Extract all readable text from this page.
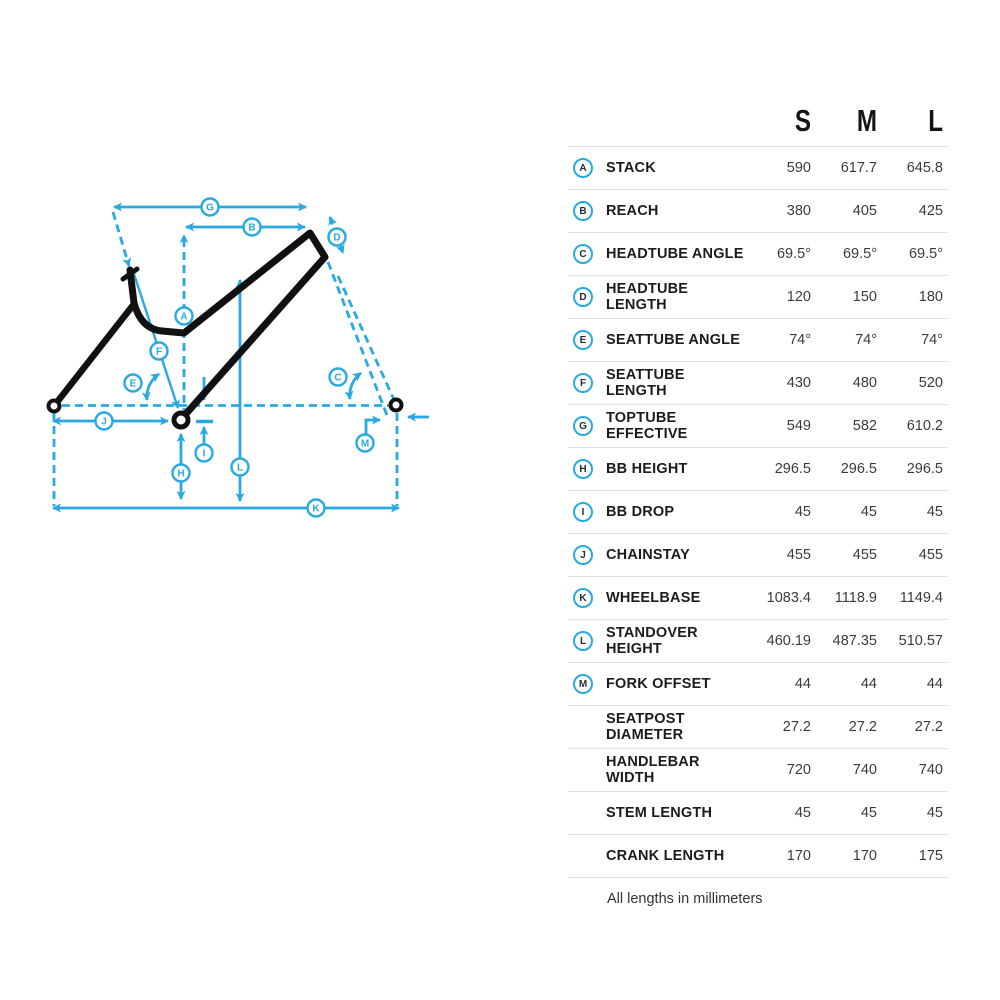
A
B
C
D
E
F
G
H
I
J
K
L
M
S	M	L
A	STACK	590	617.7	645.8
B	REACH	380	405	425
C	HEADTUBE ANGLE	69.5°	69.5°	69.5°
D	HEADTUBE LENGTH	120	150	180
E	SEATTUBE ANGLE	74°	74°	74°
F	SEATTUBE LENGTH	430	480	520
G	TOPTUBE EFFECTIVE	549	582	610.2
H	BB HEIGHT	296.5	296.5	296.5
I	BB DROP	45	45	45
J	CHAINSTAY	455	455	455
K	WHEELBASE	1083.4	1118.9	1149.4
L	STANDOVER HEIGHT	460.19	487.35	510.57
M	FORK OFFSET	44	44	44
SEATPOST DIAMETER	27.2	27.2	27.2
HANDLEBAR WIDTH	720	740	740
STEM LENGTH	45	45	45
CRANK LENGTH	170	170	175
All lengths in millimeters
